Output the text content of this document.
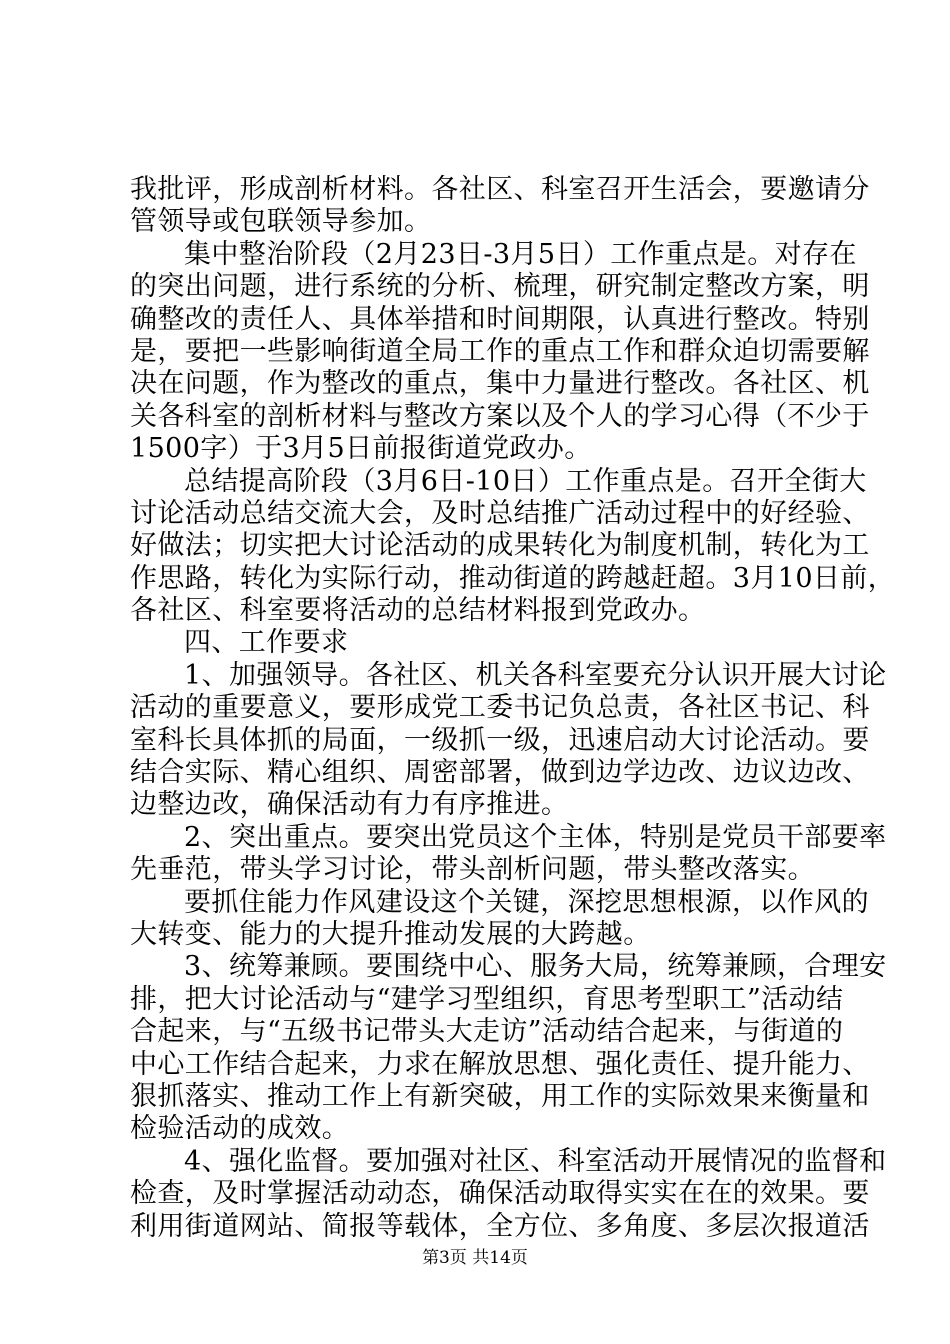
我批评，形成剖析材料。各社区、科室召开生活会，要邀请分
管领导或包联领导参加。
集中整治阶段（2月23日-3月5日）工作重点是。对存在
的突出问题，进行系统的分析、梳理，研究制定整改方案，明
确整改的责任人、具体举措和时间期限，认真进行整改。特别
是，要把一些影响街道全局工作的重点工作和群众迫切需要解
决在问题，作为整改的重点，集中力量进行整改。各社区、机
关各科室的剖析材料与整改方案以及个人的学习心得（不少于
1500字）于3月5日前报街道党政办。
总结提高阶段（3月6日-10日）工作重点是。召开全街大
讨论活动总结交流大会，及时总结推广活动过程中的好经验、
好做法；切实把大讨论活动的成果转化为制度机制，转化为工
作思路，转化为实际行动，推动街道的跨越赶超。3月10日前，
各社区、科室要将活动的总结材料报到党政办。
四、工作要求
1、加强领导。各社区、机关各科室要充分认识开展大讨论
活动的重要意义，要形成党工委书记负总责，各社区书记、科
室科长具体抓的局面，一级抓一级，迅速启动大讨论活动。要
结合实际、精心组织、周密部署，做到边学边改、边议边改、
边整边改，确保活动有力有序推进。
2、突出重点。要突出党员这个主体，特别是党员干部要率
先垂范，带头学习讨论，带头剖析问题，带头整改落实。
要抓住能力作风建设这个关键，深挖思想根源，以作风的
大转变、能力的大提升推动发展的大跨越。
3、统筹兼顾。要围绕中心、服务大局，统筹兼顾，合理安
排，把大讨论活动与“建学习型组织，育思考型职工”活动结
合起来，与“五级书记带头大走访”活动结合起来，与街道的
中心工作结合起来，力求在解放思想、强化责任、提升能力、
狠抓落实、推动工作上有新突破，用工作的实际效果来衡量和
检验活动的成效。
4、强化监督。要加强对社区、科室活动开展情况的监督和
检查，及时掌握活动动态，确保活动取得实实在在的效果。要
利用街道网站、简报等载体，全方位、多角度、多层次报道活
第3页 共14页
